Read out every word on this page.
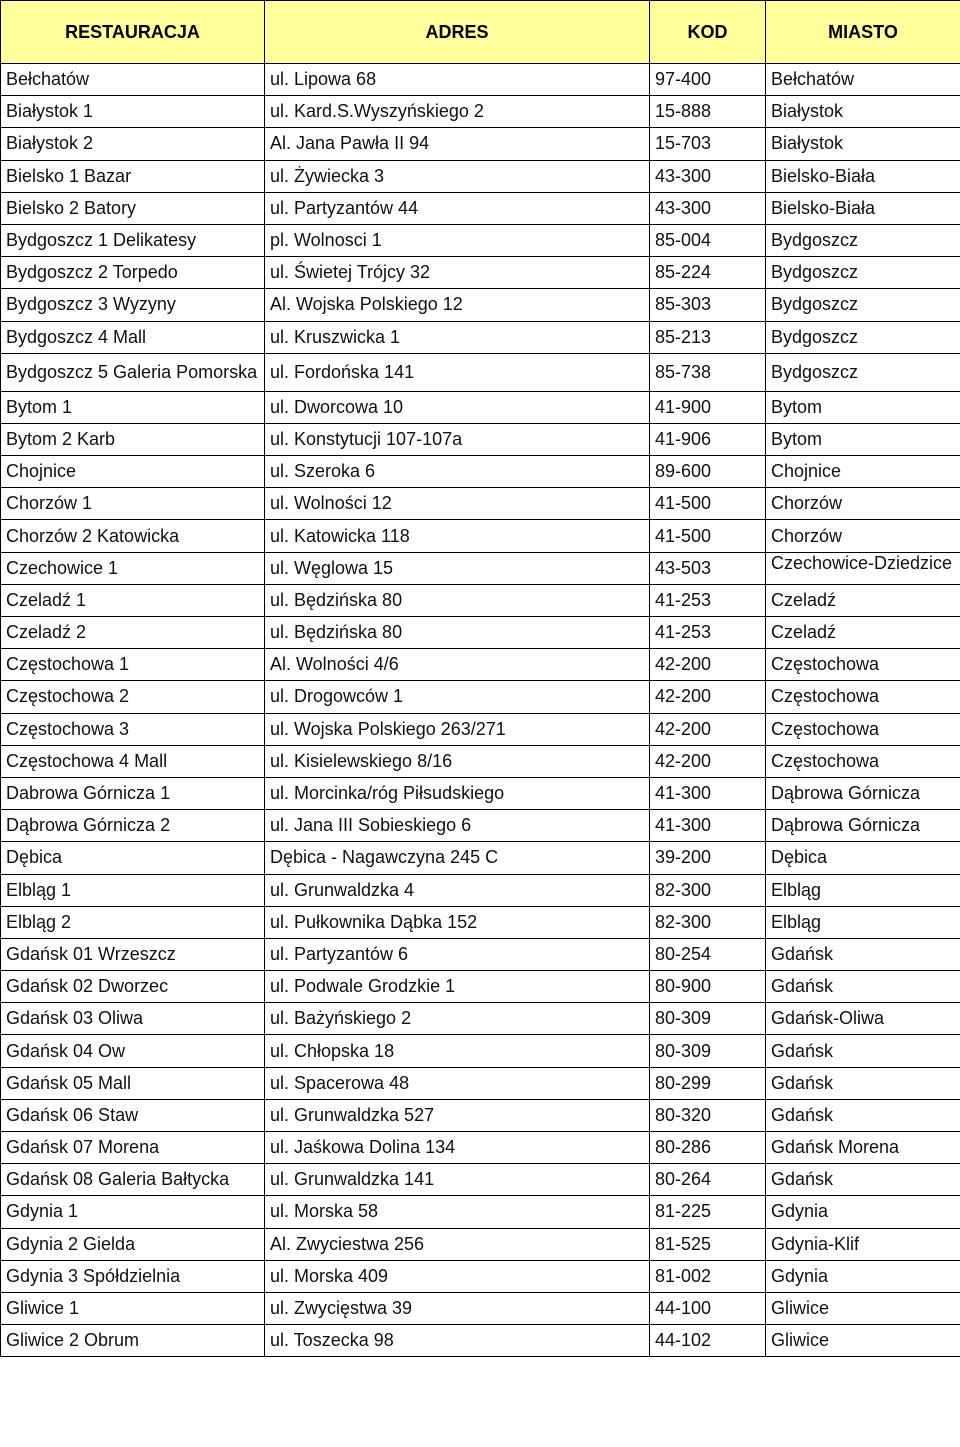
RESTAURACJA	ADRES	KOD	MIASTO
Bełchatów	ul. Lipowa 68	97-400	Bełchatów
Białystok 1	ul. Kard.S.Wyszyńskiego 2	15-888	Białystok
Białystok 2	Al. Jana Pawła II 94	15-703	Białystok
Bielsko 1 Bazar	ul. Żywiecka 3	43-300	Bielsko-Biała
Bielsko 2 Batory	ul. Partyzantów 44	43-300	Bielsko-Biała
Bydgoszcz 1 Delikatesy	pl. Wolnosci 1	85-004	Bydgoszcz
Bydgoszcz 2 Torpedo	ul. Świetej Trójcy 32	85-224	Bydgoszcz
Bydgoszcz 3 Wyzyny	Al. Wojska Polskiego 12	85-303	Bydgoszcz
Bydgoszcz 4 Mall	ul. Kruszwicka 1	85-213	Bydgoszcz
Bydgoszcz 5 Galeria Pomorska	ul. Fordońska 141	85-738	Bydgoszcz
Bytom 1	ul. Dworcowa 10	41-900	Bytom
Bytom 2 Karb	ul. Konstytucji 107-107a	41-906	Bytom
Chojnice	ul. Szeroka 6	89-600	Chojnice
Chorzów 1	ul. Wolności 12	41-500	Chorzów
Chorzów 2 Katowicka	ul. Katowicka 118	41-500	Chorzów
Czechowice 1	ul. Węglowa 15	43-503	Czechowice-Dziedzice

Czeladź 1	ul. Będzińska 80	41-253	Czeladź
Czeladź 2	ul. Będzińska 80	41-253	Czeladź
Częstochowa 1	Al. Wolności 4/6	42-200	Częstochowa
Częstochowa 2	ul. Drogowców 1	42-200	Częstochowa
Częstochowa 3	ul. Wojska Polskiego 263/271	42-200	Częstochowa
Częstochowa 4 Mall	ul. Kisielewskiego 8/16	42-200	Częstochowa
Dabrowa Górnicza 1	ul. Morcinka/róg Piłsudskiego	41-300	Dąbrowa Górnicza
Dąbrowa Górnicza 2	ul. Jana III Sobieskiego 6	41-300	Dąbrowa Górnicza
Dębica	Dębica - Nagawczyna 245 C	39-200	Dębica
Elbląg 1	ul. Grunwaldzka 4	82-300	Elbląg
Elbląg 2	ul. Pułkownika Dąbka 152	82-300	Elbląg
Gdańsk 01 Wrzeszcz	ul. Partyzantów 6	80-254	Gdańsk
Gdańsk 02 Dworzec	ul. Podwale Grodzkie 1	80-900	Gdańsk
Gdańsk 03 Oliwa	ul. Bażyńskiego 2	80-309	Gdańsk-Oliwa
Gdańsk 04 Ow	ul. Chłopska 18	80-309	Gdańsk
Gdańsk 05 Mall	ul. Spacerowa 48	80-299	Gdańsk
Gdańsk 06 Staw	ul. Grunwaldzka 527	80-320	Gdańsk
Gdańsk 07 Morena	ul. Jaśkowa Dolina 134	80-286	Gdańsk Morena
Gdańsk 08 Galeria Bałtycka	ul. Grunwaldzka 141	80-264	Gdańsk
Gdynia 1	ul. Morska 58	81-225	Gdynia
Gdynia 2 Gielda	Al. Zwyciestwa 256	81-525	Gdynia-Klif
Gdynia 3 Spółdzielnia	ul. Morska 409	81-002	Gdynia
Gliwice 1	ul. Zwycięstwa 39	44-100	Gliwice
Gliwice 2 Obrum	ul. Toszecka 98	44-102	Gliwice
